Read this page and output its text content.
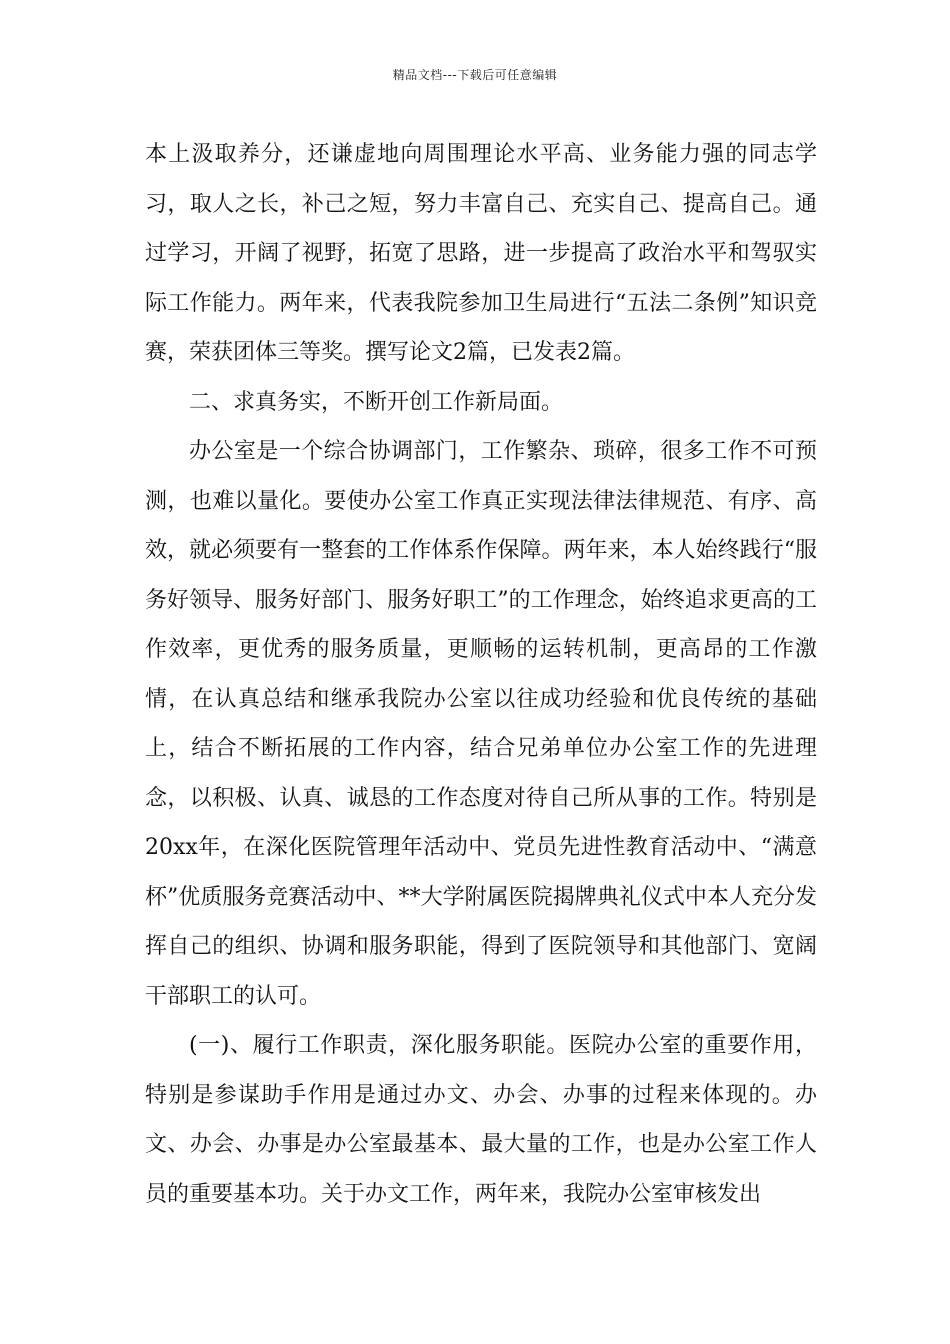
精品文档---下载后可任意编辑

本上汲取养分，还谦虚地向周围理论水平高、业务能力强的同志学习，取人之长，补己之短，努力丰富自己、充实自己、提高自己。通过学习，开阔了视野，拓宽了思路，进一步提高了政治水平和驾驭实际工作能力。两年来，代表我院参加卫生局进行“五法二条例”知识竞赛，荣获团体三等奖。撰写论文2篇，已发表2篇。

二、求真务实，不断开创工作新局面。

办公室是一个综合协调部门，工作繁杂、琐碎，很多工作不可预测，也难以量化。要使办公室工作真正实现法律法律规范、有序、高效，就必须要有一整套的工作体系作保障。两年来，本人始终践行“服务好领导、服务好部门、服务好职工”的工作理念，始终追求更高的工作效率，更优秀的服务质量，更顺畅的运转机制，更高昂的工作激情，在认真总结和继承我院办公室以往成功经验和优良传统的基础上，结合不断拓展的工作内容，结合兄弟单位办公室工作的先进理念，以积极、认真、诚恳的工作态度对待自己所从事的工作。特别是20xx年，在深化医院管理年活动中、党员先进性教育活动中、“满意杯”优质服务竞赛活动中、**大学附属医院揭牌典礼仪式中本人充分发挥自己的组织、协调和服务职能，得到了医院领导和其他部门、宽阔干部职工的认可。

(一)、履行工作职责，深化服务职能。医院办公室的重要作用，特别是参谋助手作用是通过办文、办会、办事的过程来体现的。办文、办会、办事是办公室最基本、最大量的工作，也是办公室工作人员的重要基本功。关于办文工作，两年来，我院办公室审核发出
